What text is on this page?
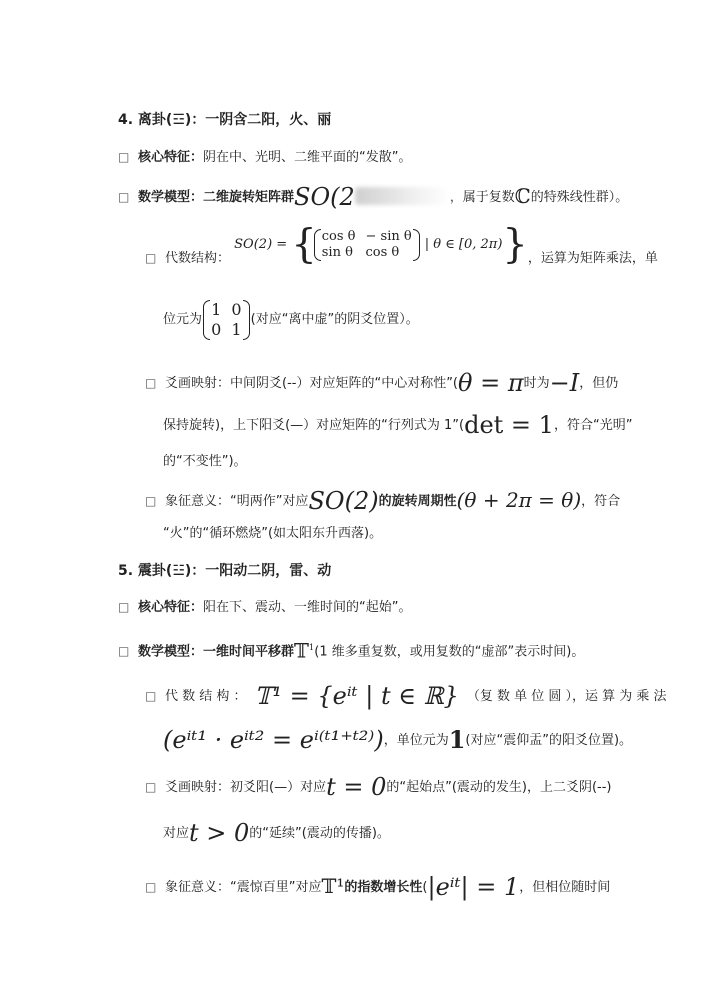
4. 离卦(☲)：一阴含二阳，火、丽
□ 核心特征：阴在中、光明、二维平面的“发散”。
□ 数学模型：二维旋转矩阵群SO(2	，属于复数ℂ的特殊线性群）。
□ 代数结构： SO(2) = { cos θ	− sin θ
sin θ	cos θ | θ ∈ [0, 2π)}，运算为矩阵乘法，单
位元为
1	0
0	1 (对应“离中虚”的阴爻位置）。
□ 爻画映射：中间阴爻(--）对应矩阵的“中心对称性”(θ = π时为−I，但仍
保持旋转)，上下阳爻(—）对应矩阵的“行列式为 1”(det = 1，符合“光明”
的“不变性”)。
□ 象征意义：“明两作”对应SO(2)的旋转周期性(θ + 2π = θ)，符合
“火”的“循环燃烧”(如太阳东升西落)。
5. 震卦(☳)：一阳动二阴，雷、动
□ 核心特征：阳在下、震动、一维时间的“起始”。
□ 数学模型：一维时间平移群𝕋$^1$(1 维多重复数，或用复数的“虚部”表示时间)。
□ 代 数 结 构 ： 𝕋¹ = {eⁱᵗ | t ∈ ℝ} （复 数 单 位 圆 ），运 算 为 乘 法
(eⁱᵗ¹ · eⁱᵗ² = eⁱ⁽ᵗ¹⁺ᵗ²⁾)，单位元为1(对应“震仰盂”的阳爻位置)。
□ 爻画映射：初爻阳(—）对应t = 0的“起始点”(震动的发生)，上二爻阴(--)
对应t > 0的“延续”(震动的传播)。
□ 象征意义：“震惊百里”对应𝕋¹的指数增长性(|eⁱᵗ| = 1，但相位随时间
